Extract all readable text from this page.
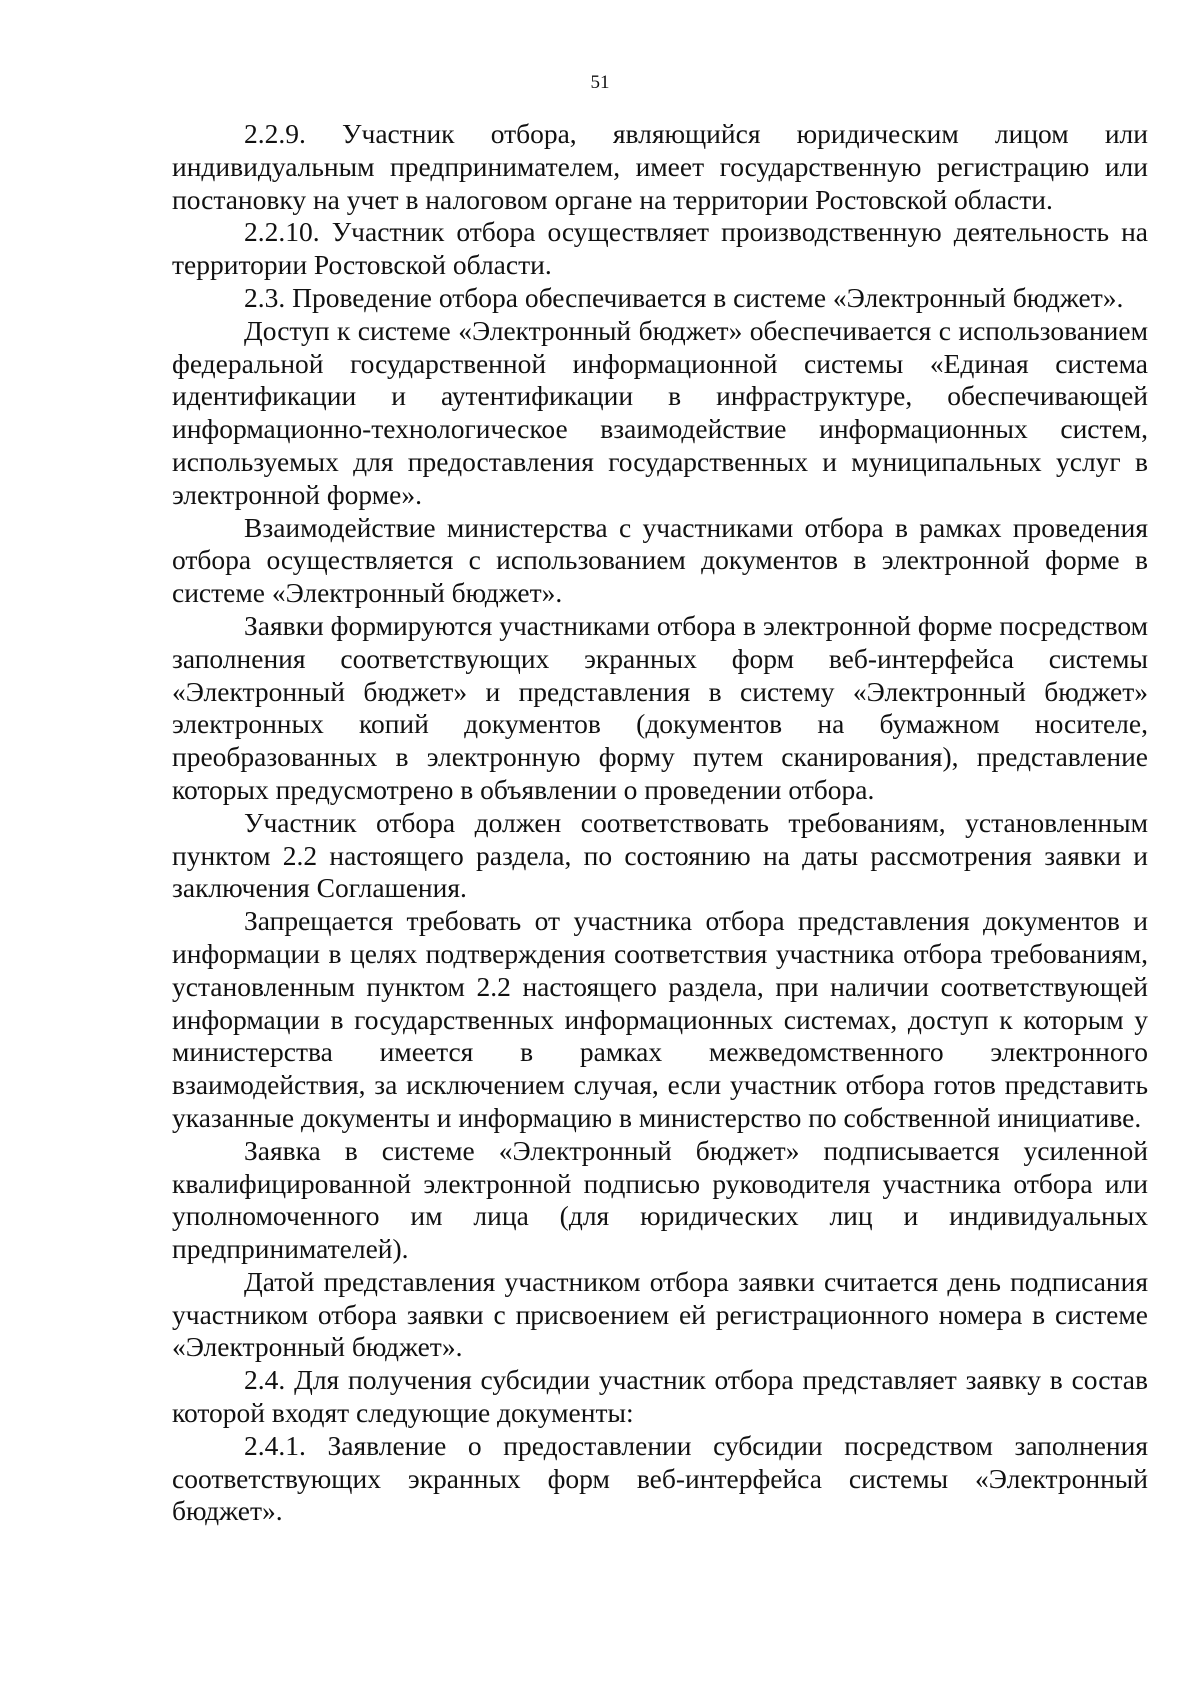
51

2.2.9. Участник отбора, являющийся юридическим лицом или индивидуальным предпринимателем, имеет государственную регистрацию или постановку на учет в налоговом органе на территории Ростовской области.

2.2.10. Участник отбора осуществляет производственную деятельность на территории Ростовской области.

2.3. Проведение отбора обеспечивается в системе «Электронный бюджет».

Доступ к системе «Электронный бюджет» обеспечивается с использованием федеральной государственной информационной системы «Единая система идентификации и аутентификации в инфраструктуре, обеспечивающей информационно-технологическое взаимодействие информационных систем, используемых для предоставления государственных и муниципальных услуг в электронной форме».

Взаимодействие министерства с участниками отбора в рамках проведения отбора осуществляется с использованием документов в электронной форме в системе «Электронный бюджет».

Заявки формируются участниками отбора в электронной форме посредством заполнения соответствующих экранных форм веб-интерфейса системы «Электронный бюджет» и представления в систему «Электронный бюджет» электронных копий документов (документов на бумажном носителе, преобразованных в электронную форму путем сканирования), представление которых предусмотрено в объявлении о проведении отбора.

Участник отбора должен соответствовать требованиям, установленным пунктом 2.2 настоящего раздела, по состоянию на даты рассмотрения заявки и заключения Соглашения.

Запрещается требовать от участника отбора представления документов и информации в целях подтверждения соответствия участника отбора требованиям, установленным пунктом 2.2 настоящего раздела, при наличии соответствующей информации в государственных информационных системах, доступ к которым у министерства имеется в рамках межведомственного электронного взаимодействия, за исключением случая, если участник отбора готов представить указанные документы и информацию в министерство по собственной инициативе.

Заявка в системе «Электронный бюджет» подписывается усиленной квалифицированной электронной подписью руководителя участника отбора или уполномоченного им лица (для юридических лиц и индивидуальных предпринимателей).

Датой представления участником отбора заявки считается день подписания участником отбора заявки с присвоением ей регистрационного номера в системе «Электронный бюджет».

2.4. Для получения субсидии участник отбора представляет заявку в состав которой входят следующие документы:

2.4.1. Заявление о предоставлении субсидии посредством заполнения соответствующих экранных форм веб-интерфейса системы «Электронный бюджет».
